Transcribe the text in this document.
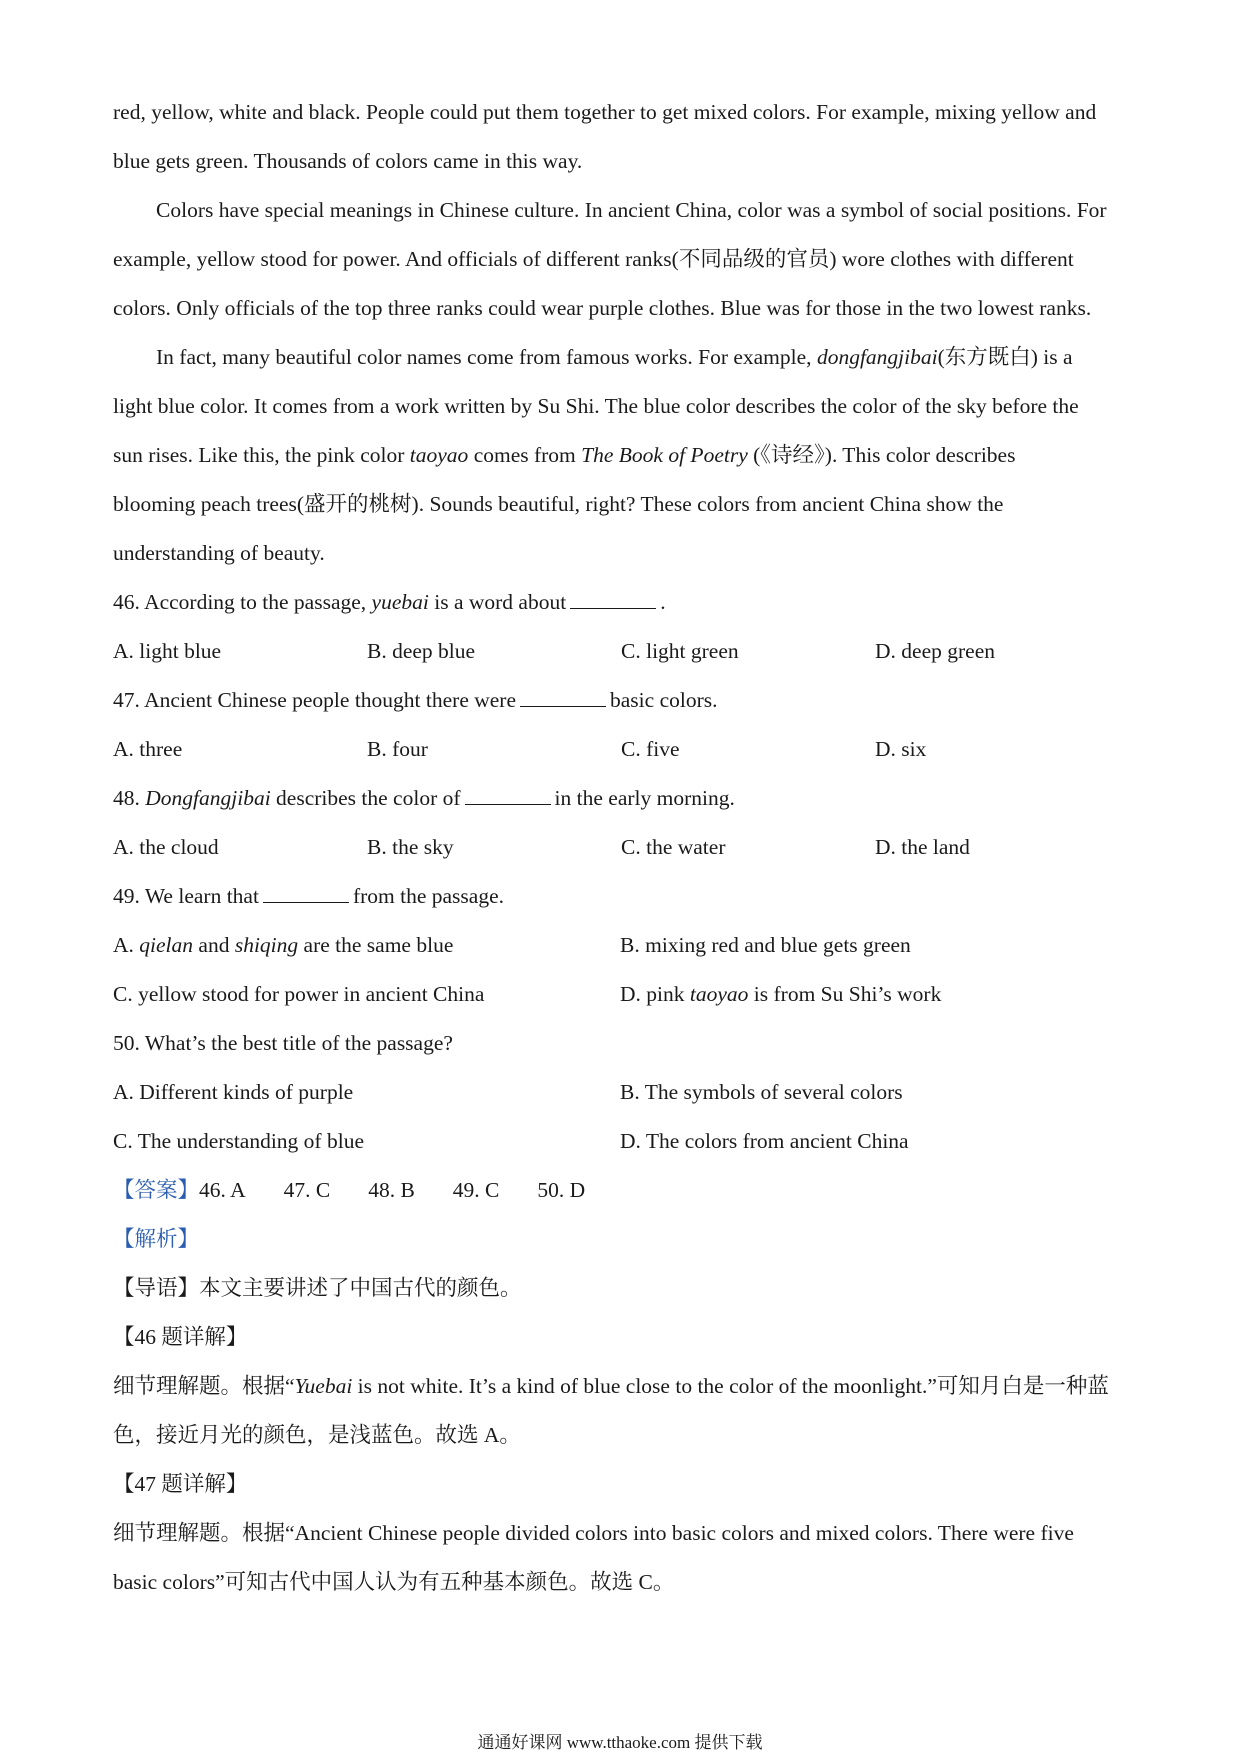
red, yellow, white and black. People could put them together to get mixed colors. For example, mixing yellow and
blue gets green. Thousands of colors came in this way.
Colors have special meanings in Chinese culture. In ancient China, color was a symbol of social positions. For
example, yellow stood for power. And officials of different ranks(不同品级的官员) wore clothes with different
colors. Only officials of the top three ranks could wear purple clothes. Blue was for those in the two lowest ranks.
In fact, many beautiful color names come from famous works. For example, dongfangjibai(东方既白) is a
light blue color. It comes from a work written by Su Shi. The blue color describes the color of the sky before the
sun rises. Like this, the pink color taoyao comes from The Book of Poetry (《诗经》). This color describes
blooming peach trees(盛开的桃树). Sounds beautiful, right? These colors from ancient China show the
understanding of beauty.
46. According to the passage, yuebai is a word about	.
A. light blue	B. deep blue	C. light green	D. deep green
47. Ancient Chinese people thought there were	basic colors.
A. three	B. four	C. five	D. six
48. Dongfangjibai describes the color of	in the early morning.
A. the cloud	B. the sky	C. the water	D. the land
49. We learn that	from the passage.
A. qielan and shiqing are the same blue	B. mixing red and blue gets green
C. yellow stood for power in ancient China	D. pink taoyao is from Su Shi’s work
50. What’s the best title of the passage?
A. Different kinds of purple	B. The symbols of several colors
C. The understanding of blue	D. The colors from ancient China
【答案】46. A 47. C 48. B 49. C 50. D
【解析】
【导语】本文主要讲述了中国古代的颜色。
【46 题详解】
细节理解题。根据“Yuebai is not white. It’s a kind of blue close to the color of the moonlight.”可知月白是一种蓝
色，接近月光的颜色，是浅蓝色。故选 A。
【47 题详解】
细节理解题。根据“Ancient Chinese people divided colors into basic colors and mixed colors. There were five
basic colors”可知古代中国人认为有五种基本颜色。故选 C。
通通好课网 www.tthaoke.com 提供下载
